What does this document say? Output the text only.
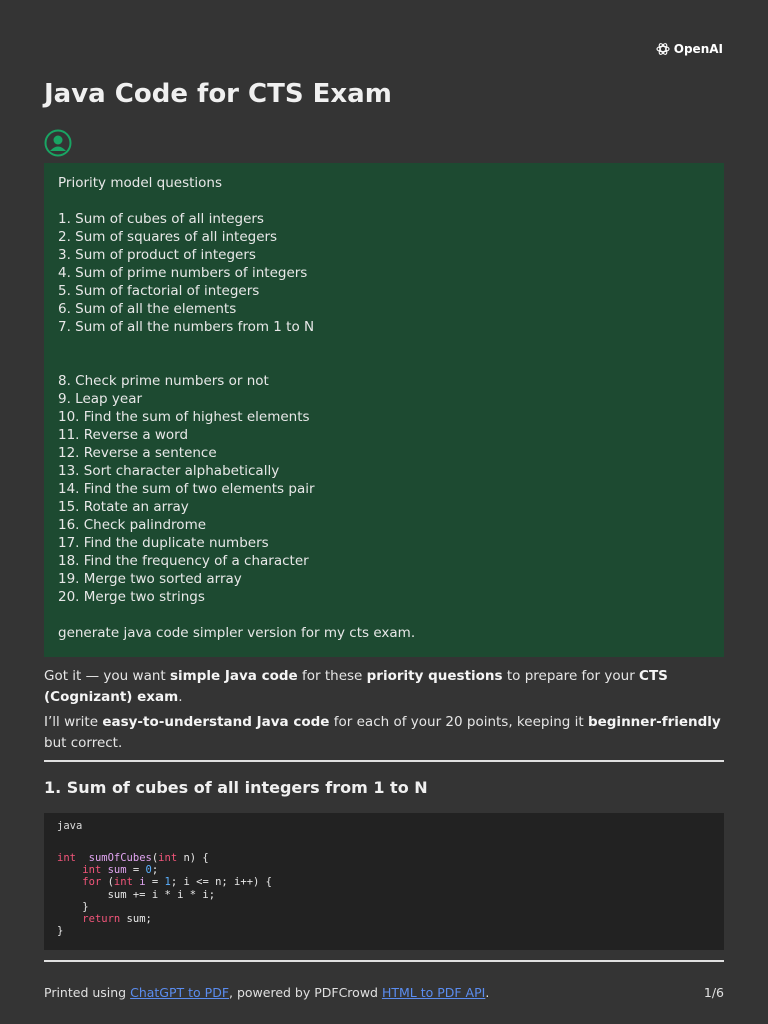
OpenAI
Java Code for CTS Exam
Priority model questions
1. Sum of cubes of all integers
2. Sum of squares of all integers
3. Sum of product of integers
4. Sum of prime numbers of integers
5. Sum of factorial of integers
6. Sum of all the elements
7. Sum of all the numbers from 1 to N
8. Check prime numbers or not
9. Leap year
10. Find the sum of highest elements
11. Reverse a word
12. Reverse a sentence
13. Sort character alphabetically
14. Find the sum of two elements pair
15. Rotate an array
16. Check palindrome
17. Find the duplicate numbers
18. Find the frequency of a character
19. Merge two sorted array
20. Merge two strings
generate java code simpler version for my cts exam.

Got it — you want simple Java code for these priority questions to prepare for your CTS (Cognizant) exam.

I’ll write easy-to-understand Java code for each of your 20 points, keeping it beginner-friendly but correct.

1. Sum of cubes of all integers from 1 to N
java
int sumOfCubes(int n) {
int sum = 0;
for (int i = 1; i <= n; i++) {
sum += i * i * i;
}
return sum;
}
Printed using ChatGPT to PDF, powered by PDFCrowd HTML to PDF API.	1/6
